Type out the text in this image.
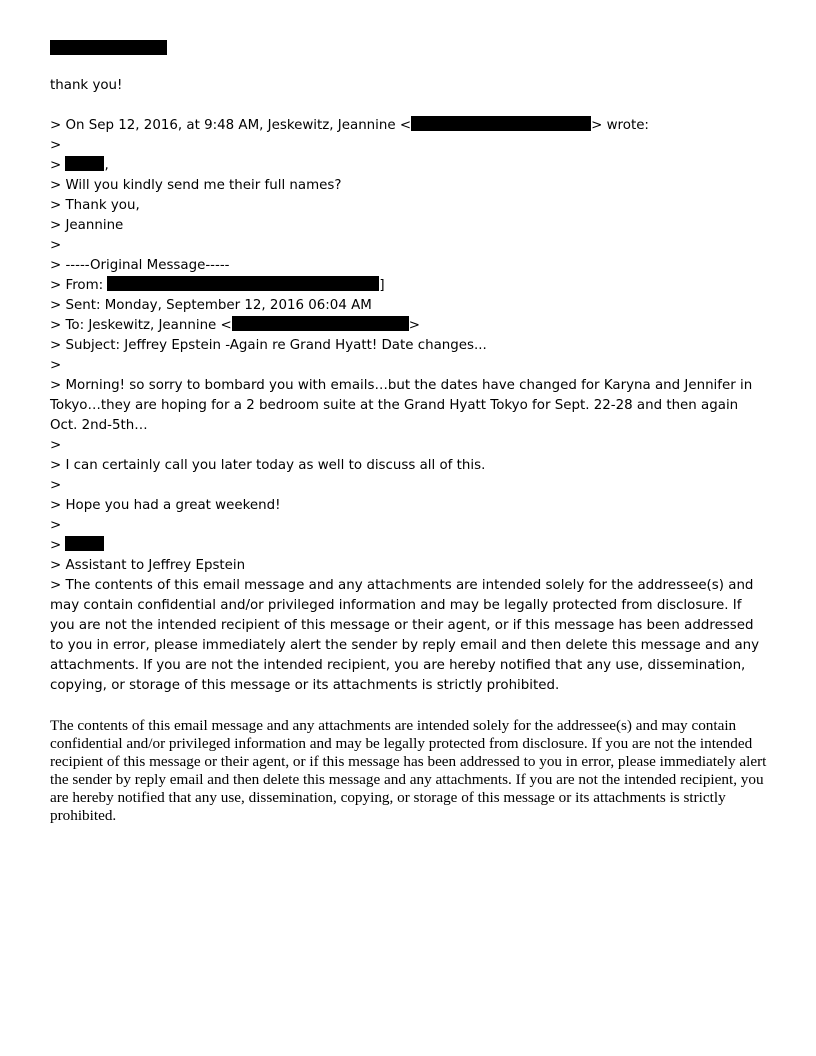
thank you!
> On Sep 12, 2016, at 9:48 AM, Jeskewitz, Jeannine <	> wrote:
>
>	,
> Will you kindly send me their full names?
> Thank you,
> Jeannine
>
> -----Original Message-----
> From:	]
> Sent: Monday, September 12, 2016 06:04 AM
> To: Jeskewitz, Jeannine <	>
> Subject: Jeffrey Epstein -Again re Grand Hyatt! Date changes...
>
> Morning! so sorry to bombard you with emails…but the dates have changed for Karyna and Jennifer in Tokyo…they are hoping for a 2 bedroom suite at the Grand Hyatt Tokyo for Sept. 22-28 and then again Oct. 2nd-5th…
>
> I can certainly call you later today as well to discuss all of this.
>
> Hope you had a great weekend!
>
>
> Assistant to Jeffrey Epstein
> The contents of this email message and any attachments are intended solely for the addressee(s) and may contain confidential and/or privileged information and may be legally protected from disclosure. If you are not the intended recipient of this message or their agent, or if this message has been addressed to you in error, please immediately alert the sender by reply email and then delete this message and any attachments. If you are not the intended recipient, you are hereby notified that any use, dissemination, copying, or storage of this message or its attachments is strictly prohibited.
The contents of this email message and any attachments are intended solely for the addressee(s) and may contain confidential and/or privileged information and may be legally protected from disclosure. If you are not the intended recipient of this message or their agent, or if this message has been addressed to you in error, please immediately alert the sender by reply email and then delete this message and any attachments. If you are not the intended recipient, you are hereby notified that any use, dissemination, copying, or storage of this message or its attachments is strictly prohibited.
